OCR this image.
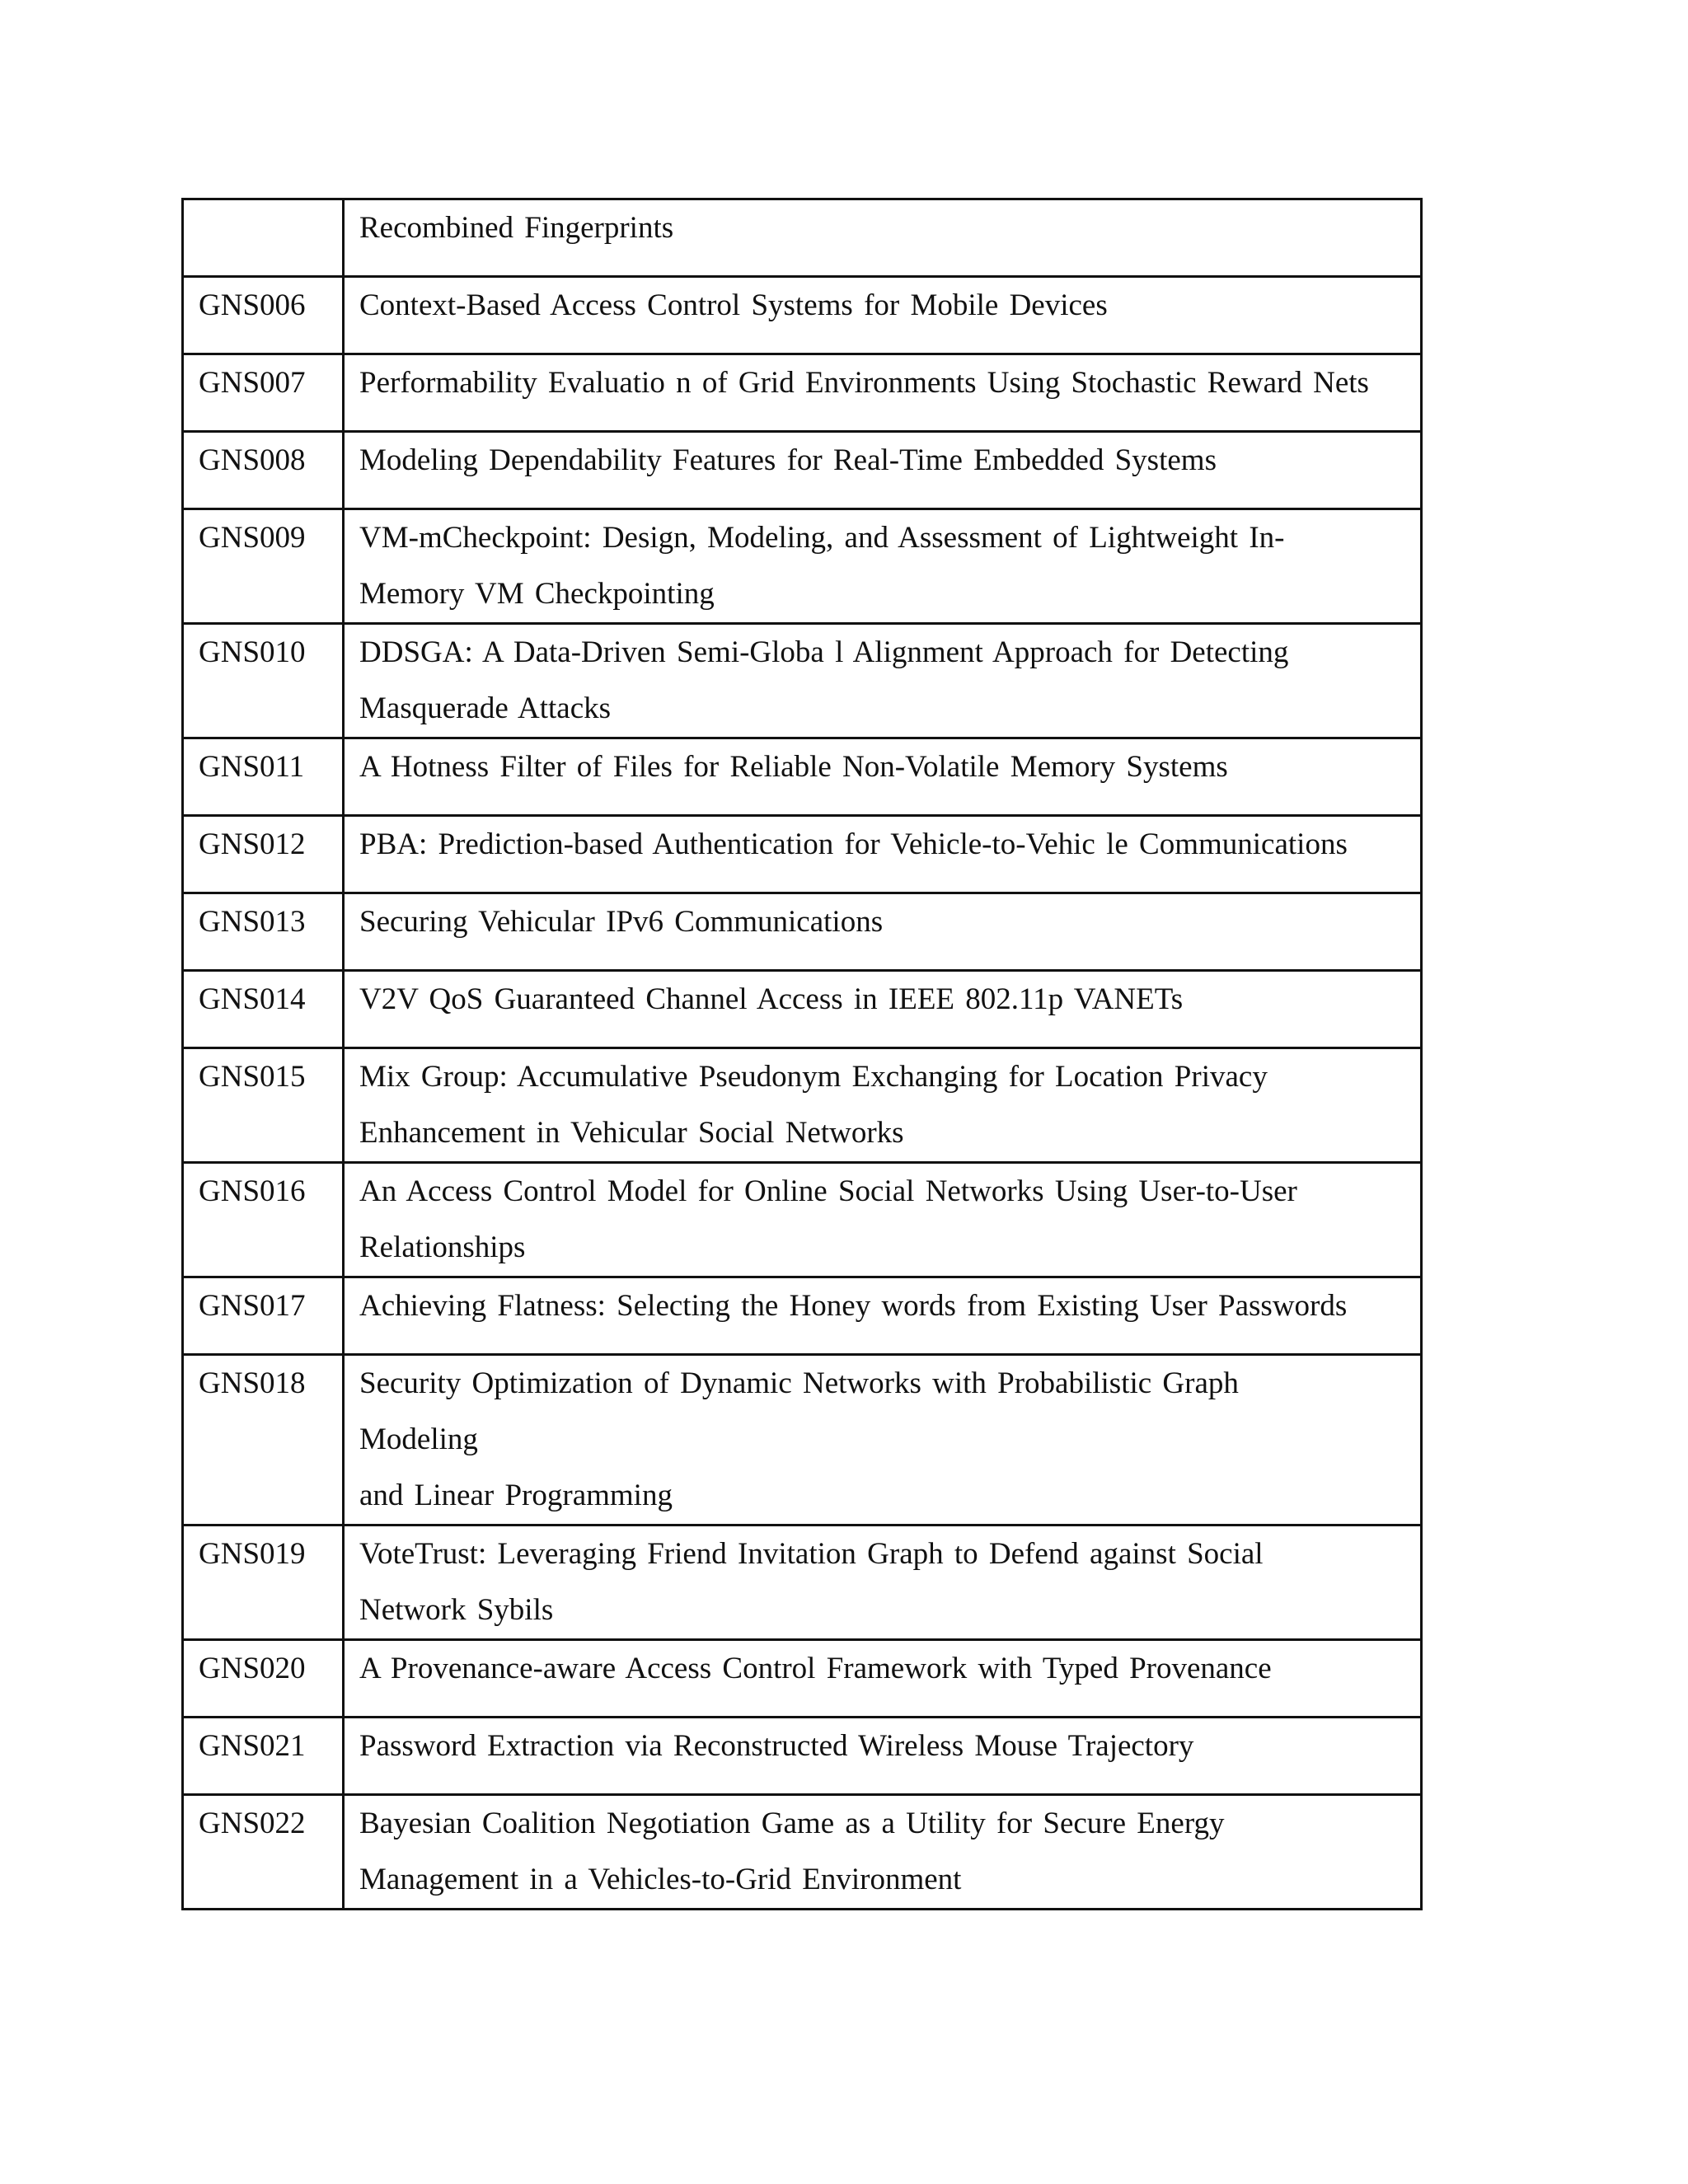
	Recombined Fingerprints

GNS006	Context-Based Access Control Systems for Mobile Devices

GNS007	Performability Evaluatio n of Grid Environments Using Stochastic Reward Nets

GNS008	Modeling Dependability Features for Real-Time Embedded Systems

GNS009	VM-mCheckpoint: Design, Modeling, and Assessment of Lightweight In-
Memory VM Checkpointing

GNS010	DDSGA: A Data-Driven Semi-Globa l Alignment Approach for Detecting
Masquerade Attacks

GNS011	A Hotness Filter of Files for Reliable Non-Volatile Memory Systems

GNS012	PBA: Prediction-based Authentication for Vehicle-to-Vehic le Communications

GNS013	Securing Vehicular IPv6 Communications

GNS014	V2V QoS Guaranteed Channel Access in IEEE 802.11p VANETs

GNS015	Mix Group: Accumulative Pseudonym Exchanging for Location Privacy
Enhancement in Vehicular Social Networks

GNS016	An Access Control Model for Online Social Networks Using User-to-User
Relationships

GNS017	Achieving Flatness: Selecting the Honey words from Existing User Passwords

GNS018	Security Optimization of Dynamic Networks with Probabilistic Graph
Modeling
and Linear Programming

GNS019	VoteTrust: Leveraging Friend Invitation Graph to Defend against Social
Network Sybils

GNS020	A Provenance-aware Access Control Framework with Typed Provenance

GNS021	Password Extraction via Reconstructed Wireless Mouse Trajectory

GNS022	Bayesian Coalition Negotiation Game as a Utility for Secure Energy
Management in a Vehicles-to-Grid Environment
